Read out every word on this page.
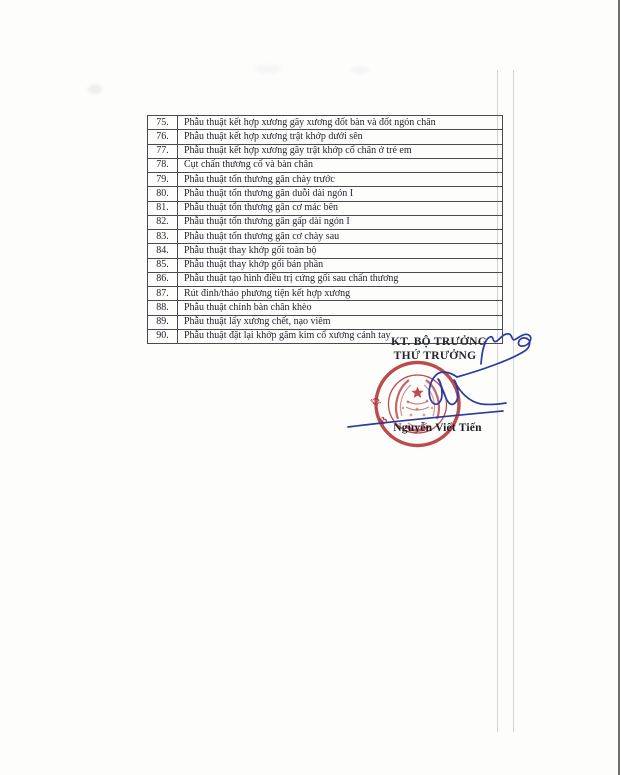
75.	Phẫu thuật kết hợp xương gãy xương đốt bàn và đốt ngón chân
76.	Phẫu thuật kết hợp xương trật khớp dưới sên
77.	Phẫu thuật kết hợp xương gãy trật khớp cổ chân ở trẻ em
78.	Cụt chấn thương cổ và bàn chân
79.	Phẫu thuật tổn thương gân chày trước
80.	Phẫu thuật tổn thương gân duỗi dài ngón I
81.	Phẫu thuật tổn thương gân cơ mác bên
82.	Phẫu thuật tổn thương gân gấp dài ngón I
83.	Phẫu thuật tổn thương gân cơ chày sau
84.	Phẫu thuật thay khớp gối toàn bộ
85.	Phẫu thuật thay khớp gối bán phần
86.	Phẫu thuật tạo hình điều trị cứng gối sau chấn thương
87.	Rút đinh/tháo phương tiện kết hợp xương
88.	Phẫu thuật chỉnh bàn chân khèo
89.	Phẫu thuật lấy xương chết, nạo viêm
90.	Phẫu thuật đặt lại khớp găm kim cổ xương cánh tay
KT. BỘ TRƯỞNG
THỨ TRƯỞNG
Ộ
B
Nguyễn Viết Tiến
